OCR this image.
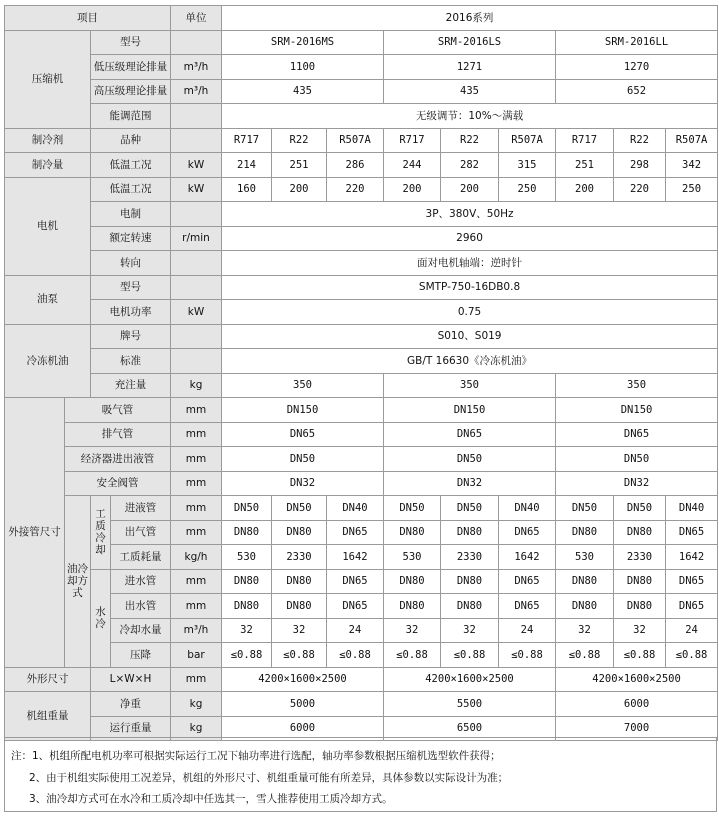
项目				单位	2016系列								
压缩机		型号			SRM-2016MS			SRM-2016LS			SRM-2016LL		
		低压级理论排量		m³/h	1100			1271			1270		
		高压级理论排量		m³/h	435			435			652		
		能调范围			无级调节：10%～满载								
制冷剂		品种			R717	R22	R507A	R717	R22	R507A	R717	R22	R507A
制冷量		低温工况		kW	214	251	286	244	282	315	251	298	342
电机		低温工况		kW	160	200	220	200	200	250	200	220	250
		电制			3P、380V、50Hz								
		额定转速		r/min	2960								
		转向			面对电机轴端：逆时针								
油泵		型号			SMTP-750-16DB0.8								
		电机功率		kW	0.75								
冷冻机油		牌号			S010、S019								
		标准			GB/T 16630《冷冻机油》								
		充注量		kg	350			350			350		
外接管尺寸	吸气管			mm	DN150			DN150			DN150		
	排气管			mm	DN65			DN65			DN65		
	经济器进出液管			mm	DN50			DN50			DN50		
	安全阀管			mm	DN32			DN32			DN32		
	油冷却方式	工质冷却	进液管	mm	DN50	DN50	DN40	DN50	DN50	DN40	DN50	DN50	DN40
			出气管	mm	DN80	DN80	DN65	DN80	DN80	DN65	DN80	DN80	DN65
			工质耗量	kg/h	530	2330	1642	530	2330	1642	530	2330	1642
		水冷	进水管	mm	DN80	DN80	DN65	DN80	DN80	DN65	DN80	DN80	DN65
			出水管	mm	DN80	DN80	DN65	DN80	DN80	DN65	DN80	DN80	DN65
			冷却水量	m³/h	32	32	24	32	32	24	32	32	24
			压降	bar	≤0.88	≤0.88	≤0.88	≤0.88	≤0.88	≤0.88	≤0.88	≤0.88	≤0.88
外形尺寸		L×W×H		mm	4200×1600×2500			4200×1600×2500			4200×1600×2500		
机组重量		净重		kg	5000			5500			6000		
		运行重量		kg	6000			6500			7000		
注：1、机组所配电机功率可根据实际运行工况下轴功率进行选配，轴功率参数根据压缩机选型软件获得；
2、由于机组实际使用工况差异，机组的外形尺寸、机组重量可能有所差异，具体参数以实际设计为准；
3、油冷却方式可在水冷和工质冷却中任选其一，雪人推荐使用工质冷却方式。
